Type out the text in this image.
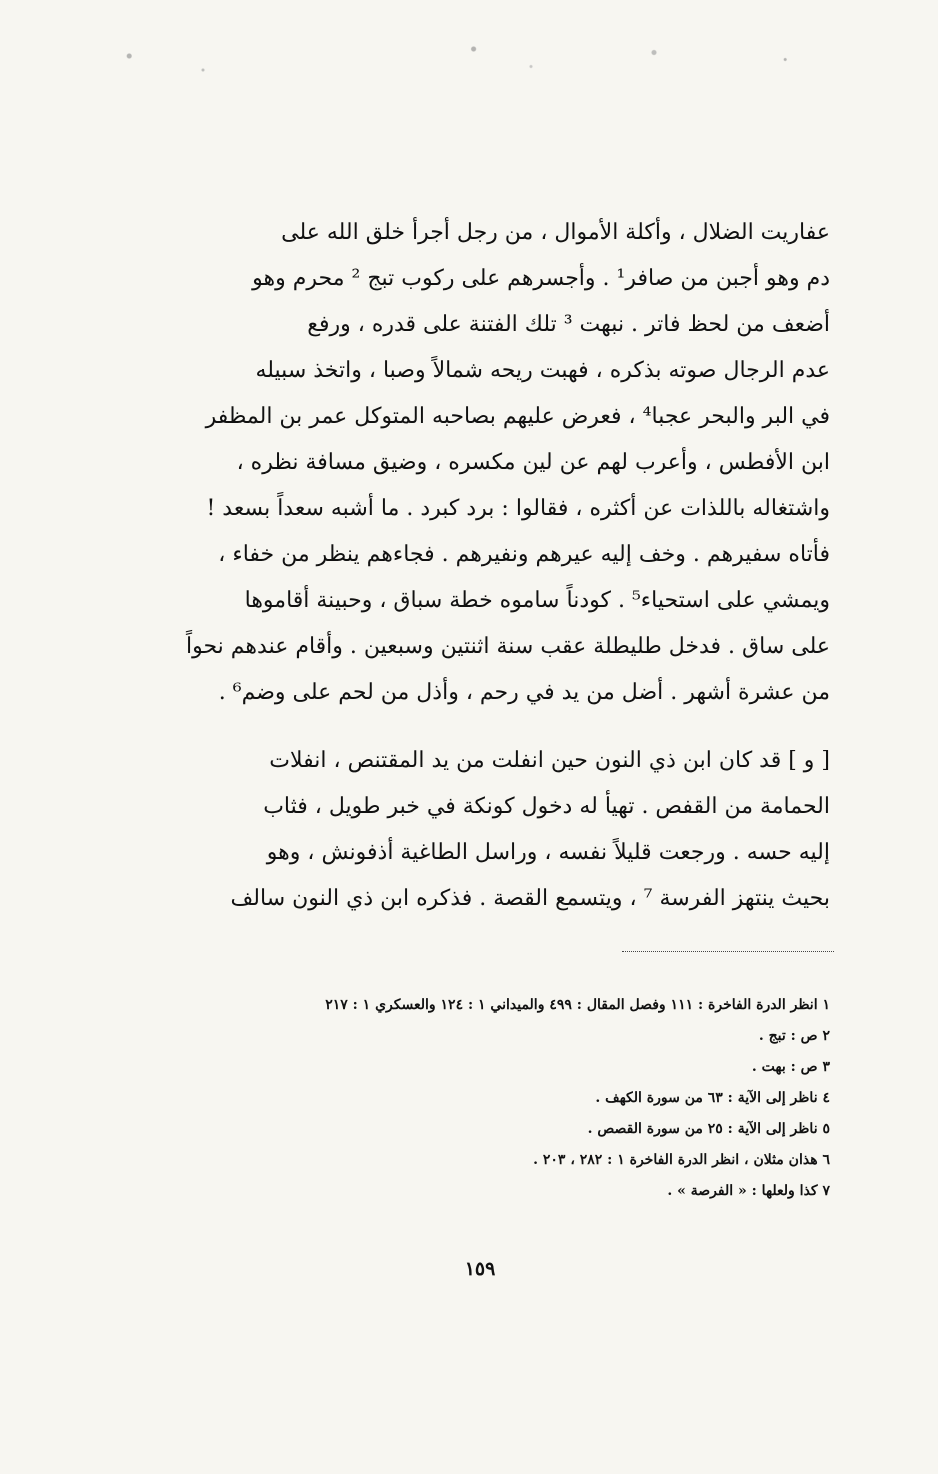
عفاريت الضلال ، وأكلة الأموال ، من رجل أجرأ خلق الله على
دم وهو أجبن من صافر¹ . وأجسرهم على ركوب تبج ² محرم وهو
أضعف من لحظ فاتر . نبهت ³ تلك الفتنة على قدره ، ورفع
عدم الرجال صوته بذكره ، فهبت ريحه شمالاً وصبا ، واتخذ سبيله
في البر والبحر عجبا⁴ ، فعرض عليهم بصاحبه المتوكل عمر بن المظفر
ابن الأفطس ، وأعرب لهم عن لين مكسره ، وضيق مسافة نظره ،
واشتغاله باللذات عن أكثره ، فقالوا : برد كبرد . ما أشبه سعداً بسعد !
فأتاه سفيرهم . وخف إليه عيرهم ونفيرهم . فجاءهم ينظر من خفاء ،
ويمشي على استحياء⁵ . كودناً ساموه خطة سباق ، وحبينة أقاموها
على ساق . فدخل طليطلة عقب سنة اثنتين وسبعين . وأقام عندهم نحواً
من عشرة أشهر . أضل من يد في رحم ، وأذل من لحم على وضم⁶ .
[ و ] قد كان ابن ذي النون حين انفلت من يد المقتنص ، انفلات
الحمامة من القفص . تهيأ له دخول كونكة في خبر طويل ، فثاب
إليه حسه . ورجعت قليلاً نفسه ، وراسل الطاغية أذفونش ، وهو
بحيث ينتهز الفرسة ⁷ ، ويتسمع القصة . فذكره ابن ذي النون سالف
١ انظر الدرة الفاخرة : ١١١ وفصل المقال : ٤٩٩ والميداني ١ : ١٢٤ والعسكري ١ : ٢١٧
٢ ص : تبج .
٣ ص : بهت .
٤ ناظر إلى الآية : ٦٣ من سورة الكهف .
٥ ناظر إلى الآية : ٢٥ من سورة القصص .
٦ هذان مثلان ، انظر الدرة الفاخرة ١ : ٢٨٢ ، ٢٠٣ .
٧ كذا ولعلها : « الفرصة » .
١٥٩
